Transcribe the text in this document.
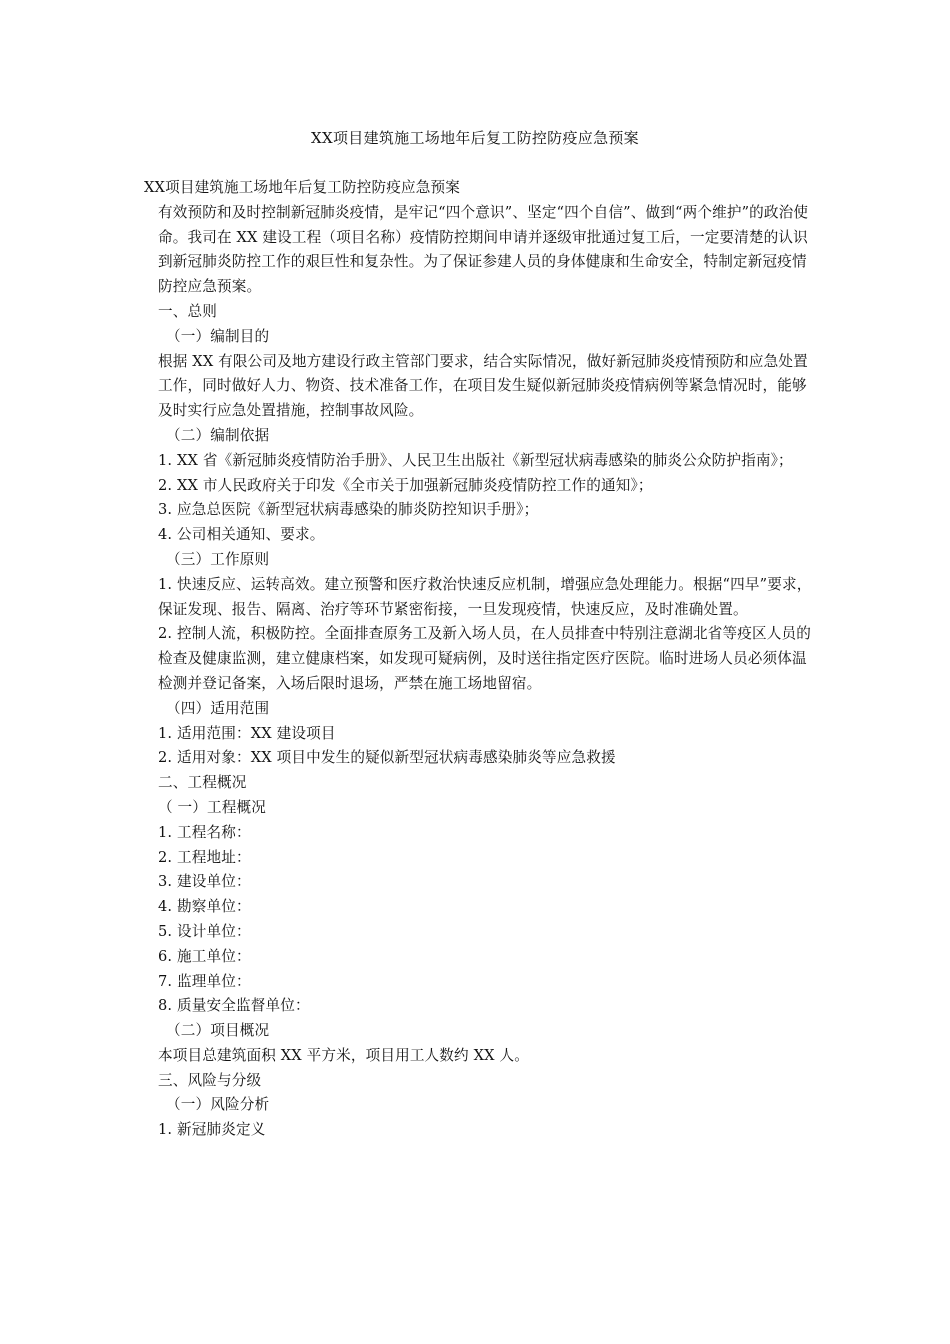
XX项目建筑施工场地年后复工防控防疫应急预案

XX项目建筑施工场地年后复工防控防疫应急预案

有效预防和及时控制新冠肺炎疫情，是牢记“四个意识”、坚定“四个自信”、做到“两个维护”的政治使命。我司在 XX 建设工程（项目名称）疫情防控期间申请并逐级审批通过复工后，一定要清楚的认识到新冠肺炎防控工作的艰巨性和复杂性。为了保证参建人员的身体健康和生命安全，特制定新冠疫情防控应急预案。

一、总则

（一）编制目的

根据 XX 有限公司及地方建设行政主管部门要求，结合实际情况，做好新冠肺炎疫情预防和应急处置工作，同时做好人力、物资、技术准备工作，在项目发生疑似新冠肺炎疫情病例等紧急情况时，能够及时实行应急处置措施，控制事故风险。

（二）编制依据

1. XX 省《新冠肺炎疫情防治手册》、人民卫生出版社《新型冠状病毒感染的肺炎公众防护指南》；

2. XX 市人民政府关于印发《全市关于加强新冠肺炎疫情防控工作的通知》；

3. 应急总医院《新型冠状病毒感染的肺炎防控知识手册》；

4. 公司相关通知、要求。

（三）工作原则

1. 快速反应、运转高效。建立预警和医疗救治快速反应机制，增强应急处理能力。根据“四早”要求，保证发现、报告、隔离、治疗等环节紧密衔接，一旦发现疫情，快速反应，及时准确处置。

2. 控制人流，积极防控。全面排查原务工及新入场人员，在人员排查中特别注意湖北省等疫区人员的检查及健康监测，建立健康档案，如发现可疑病例，及时送往指定医疗医院。临时进场人员必须体温检测并登记备案，入场后限时退场，严禁在施工场地留宿。

（四）适用范围

1. 适用范围：XX 建设项目

2. 适用对象：XX 项目中发生的疑似新型冠状病毒感染肺炎等应急救援

二、工程概况

（ 一）工程概况

1. 工程名称：

2. 工程地址：

3. 建设单位：

4. 勘察单位：

5. 设计单位：

6. 施工单位：

7. 监理单位：

8. 质量安全监督单位：

（二）项目概况

本项目总建筑面积 XX 平方米，项目用工人数约 XX 人。

三、风险与分级

（一）风险分析

1. 新冠肺炎定义
